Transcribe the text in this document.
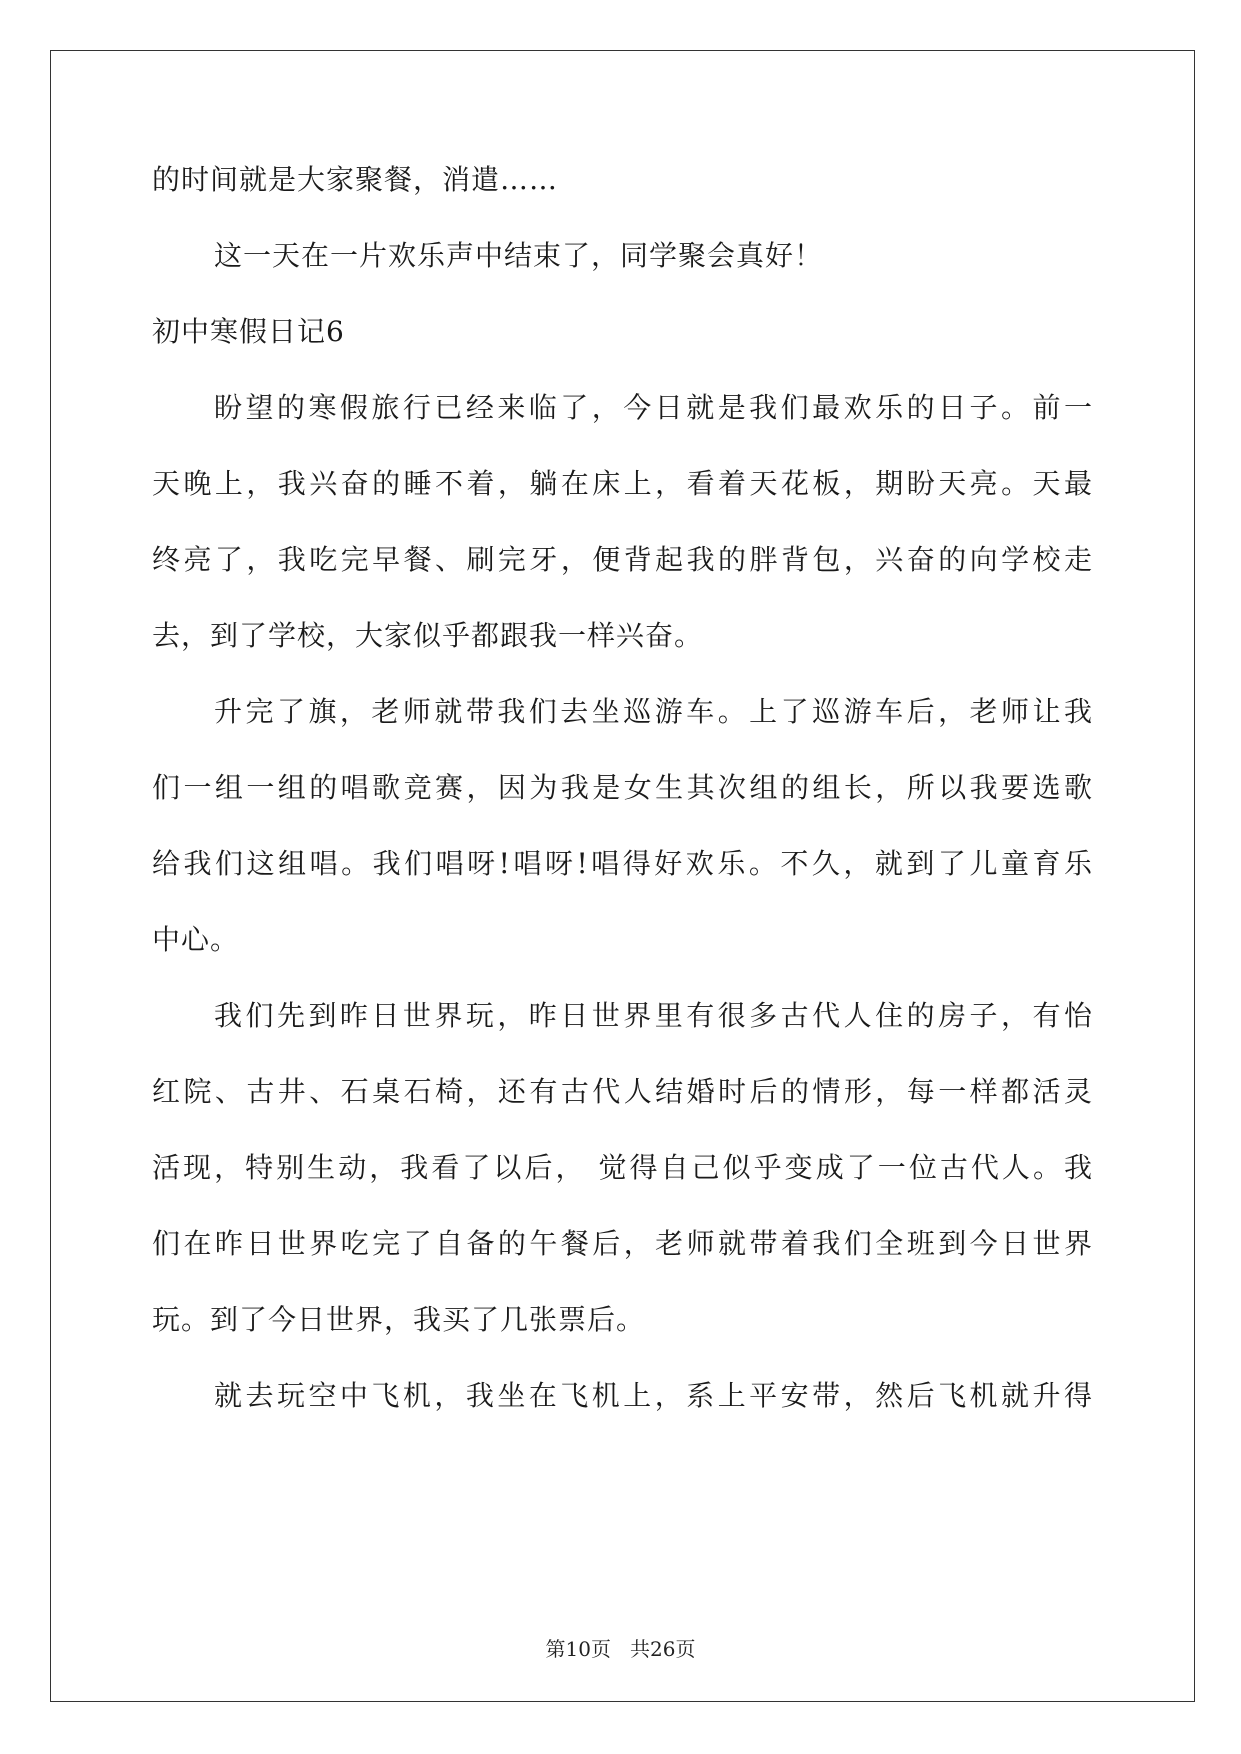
的时间就是大家聚餐，消遣……
这一天在一片欢乐声中结束了，同学聚会真好！
初中寒假日记6
盼望的寒假旅行已经来临了，今日就是我们最欢乐的日子。前一
天晚上，我兴奋的睡不着，躺在床上，看着天花板，期盼天亮。天最
终亮了，我吃完早餐、刷完牙，便背起我的胖背包，兴奋的向学校走
去，到了学校，大家似乎都跟我一样兴奋。
升完了旗，老师就带我们去坐巡游车。上了巡游车后，老师让我
们一组一组的唱歌竞赛，因为我是女生其次组的组长，所以我要选歌
给我们这组唱。我们唱呀!唱呀!唱得好欢乐。不久，就到了儿童育乐
中心。
我们先到昨日世界玩，昨日世界里有很多古代人住的房子，有怡
红院、古井、石桌石椅，还有古代人结婚时后的情形，每一样都活灵
活现，特别生动，我看了以后， 觉得自己似乎变成了一位古代人。我
们在昨日世界吃完了自备的午餐后，老师就带着我们全班到今日世界
玩。到了今日世界，我买了几张票后。
就去玩空中飞机，我坐在飞机上，系上平安带，然后飞机就升得
第10页 共26页
